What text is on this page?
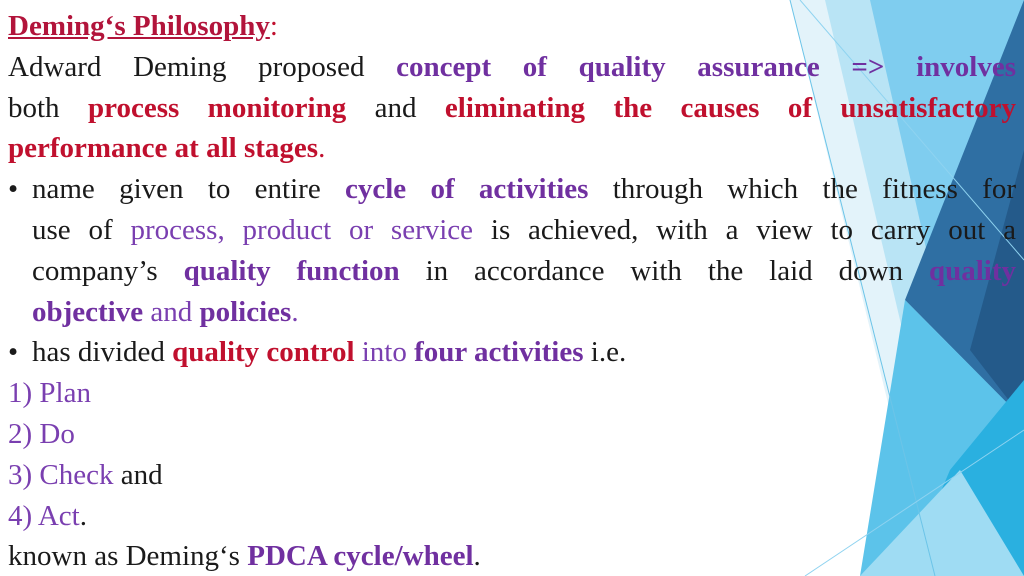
Deming‘s Philosophy:
Adward Deming proposed concept of quality assurance => involves
both process monitoring and eliminating the causes of unsatisfactory
performance at all stages.
• name given to entire cycle of activities through which the fitness for
use of process, product or service is achieved, with a view to carry out a
company’s quality function in accordance with the laid down quality
objective and policies.
• has divided quality control into four activities i.e.
1) Plan
2) Do
3) Check and
4) Act.
known as Deming‘s PDCA cycle/wheel.
